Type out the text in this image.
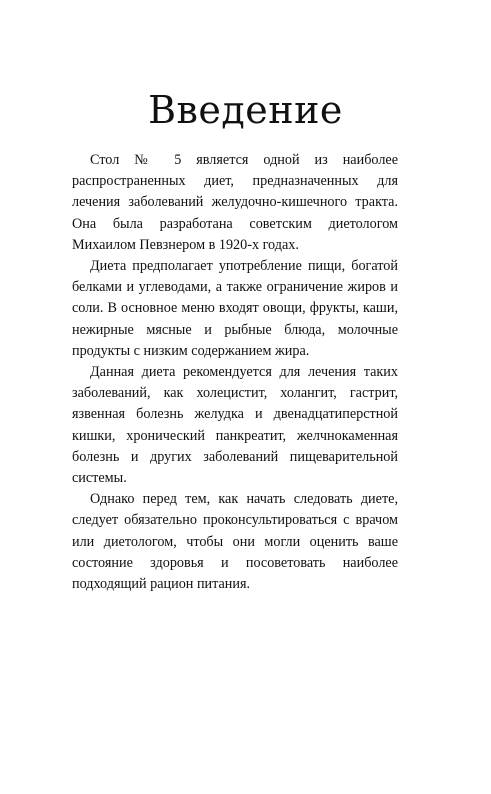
Введение

Стол № 5 является одной из наиболее распространенных диет, предназначенных для лечения заболеваний желудочно-кишечного тракта. Она была разработана советским диетологом Михаилом Певзнером в 1920-х годах.

Диета предполагает употребление пищи, богатой белками и углеводами, а также ограничение жиров и соли. В основное меню входят овощи, фрукты, каши, нежирные мясные и рыбные блюда, молочные продукты с низким содержанием жира.

Данная диета рекомендуется для лечения таких заболеваний, как холецистит, холангит, гастрит, язвенная болезнь желудка и двенадцатиперстной кишки, хронический панкреатит, желчнокаменная болезнь и других заболеваний пищеварительной системы.

Однако перед тем, как начать следовать диете, следует обязательно проконсультироваться с врачом или диетологом, чтобы они могли оценить ваше состояние здоровья и посоветовать наиболее подходящий рацион питания.
